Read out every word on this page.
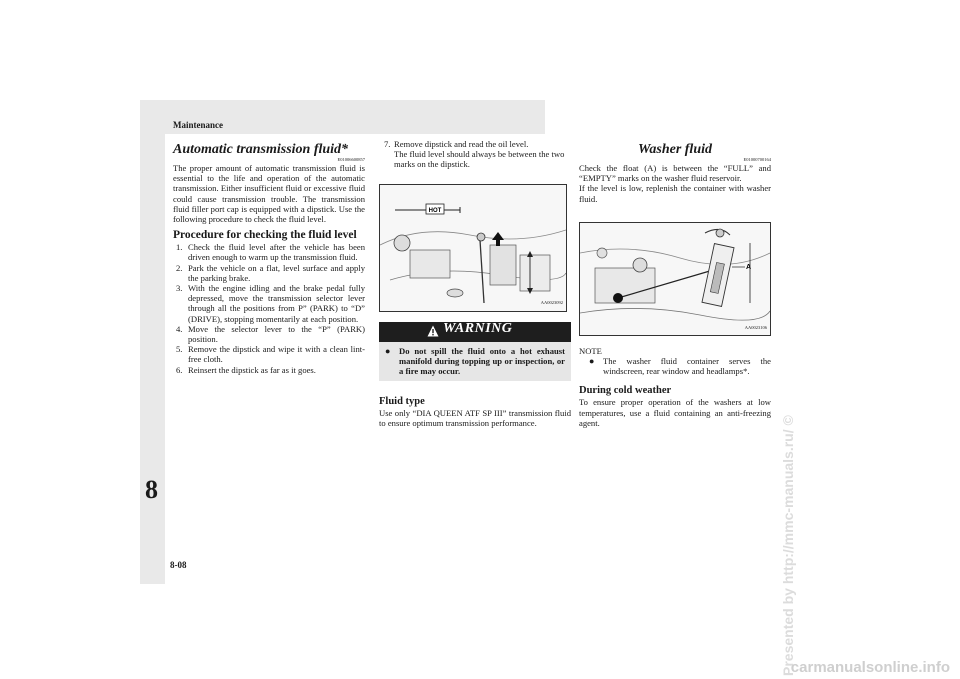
Maintenance
8
8-08
Automatic transmission fluid*
E01006600857

The proper amount of automatic transmission fluid is essential to the life and operation of the automatic transmission. Either insufficient fluid or excessive fluid could cause transmission trouble. The transmission fluid filler port cap is equipped with a dipstick. Use the following procedure to check the fluid level.

Procedure for checking the fluid level
1. Check the fluid level after the vehicle has been driven enough to warm up the transmission fluid.
2. Park the vehicle on a flat, level surface and apply the parking brake.
3. With the engine idling and the brake pedal fully depressed, move the transmission selector lever through all the positions from P” (PARK) to “D” (DRIVE), stopping momentarily at each position.
4. Move the selector lever to the “P” (PARK) position.
5. Remove the dipstick and wipe it with a clean lint-free cloth.
6. Reinsert the dipstick as far as it goes.
7. Remove dipstick and read the oil level.
The fluid level should always be between the two marks on the dipstick.
HOT
AA0023092
WARNING
● Do not spill the fluid onto a hot exhaust manifold during topping up or inspection, or a fire may occur.
Fluid type

Use only “DIA QUEEN ATF SP III” transmission fluid to ensure optimum transmission performance.

Washer fluid
E01000700164

Check the float (A) is between the “FULL” and “EMPTY” marks on the washer fluid reservoir.

If the level is low, replenish the container with washer fluid.

A
AA0023106
NOTE
● The washer fluid container serves the windscreen, rear window and headlamps*.
During cold weather

To ensure proper operation of the washers at low temperatures, use a fluid containing an anti-freezing agent.	Presented by http://mmc-manuals.ru/ ©
carmanualsonline.info
